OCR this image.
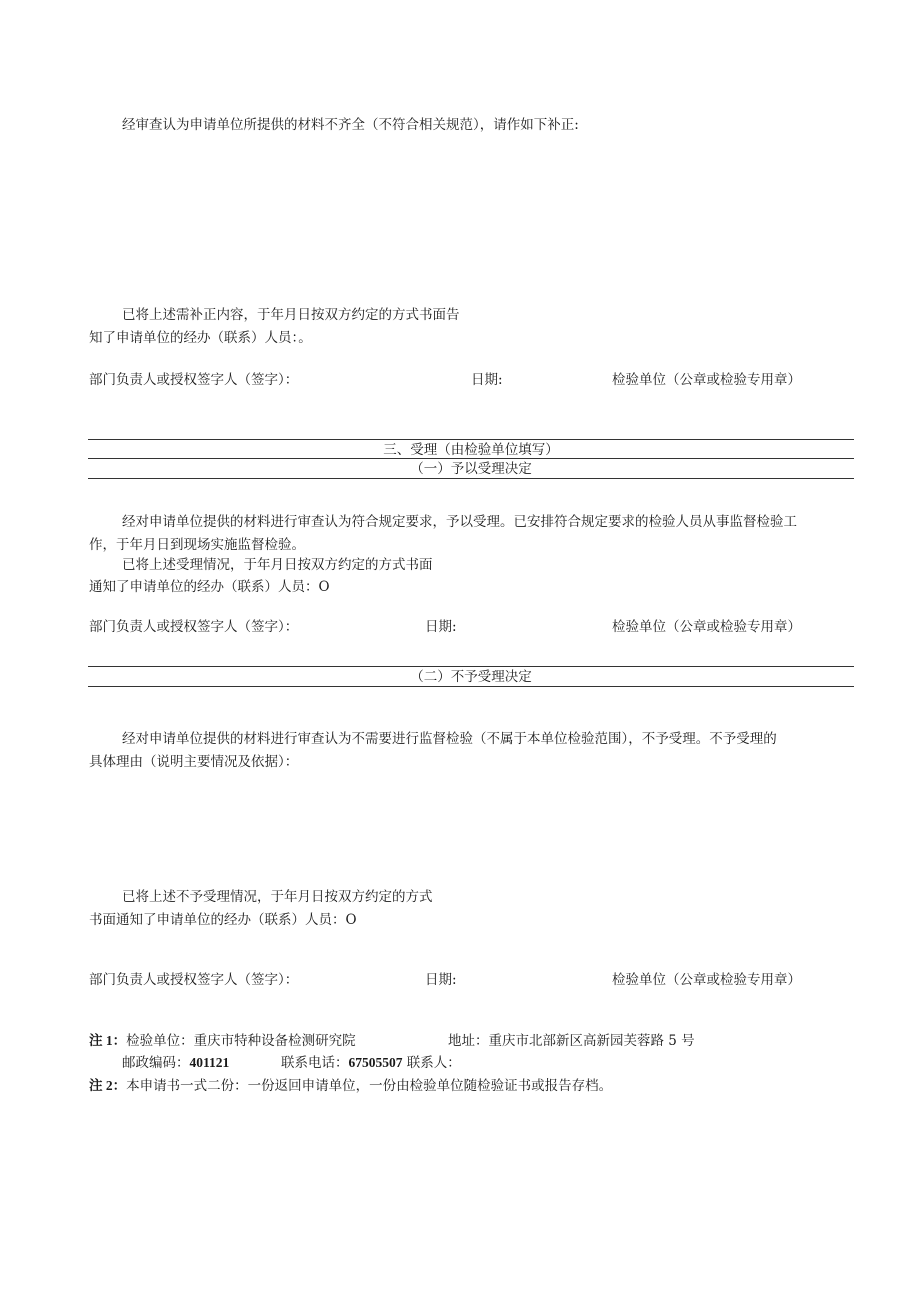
经审查认为申请单位所提供的材料不齐全（不符合相关规范），请作如下补正:
已将上述需补正内容，于年月日按双方约定的方式书面告
知了申请单位的经办（联系）人员：。
部门负责人或授权签字人（签字）：	日期:	检验单位（公章或检验专用章）
三、受理（由检验单位填写）
（一）予以受理决定
经对申请单位提供的材料进行审查认为符合规定要求，予以受理。已安排符合规定要求的检验人员从事监督检验工
作，于年月日到现场实施监督检验。
已将上述受理情况，于年月日按双方约定的方式书面
通知了申请单位的经办（联系）人员：O
部门负责人或授权签字人（签字）：	日期:	检验单位（公章或检验专用章）
（二）不予受理决定
经对申请单位提供的材料进行审查认为不需要进行监督检验（不属于本单位检验范围），不予受理。不予受理的
具体理由（说明主要情况及依据）：
已将上述不予受理情况，于年月日按双方约定的方式
书面通知了申请单位的经办（联系）人员：O
部门负责人或授权签字人（签字）：	日期:	检验单位（公章或检验专用章）
注 1：检验单位：重庆市特种设备检测研究院	地址：重庆市北部新区高新园芙蓉路 5 号
邮政编码：401121	联系电话：67505507 联系人：
注 2：本申请书一式二份：一份返回申请单位，一份由检验单位随检验证书或报告存档。
